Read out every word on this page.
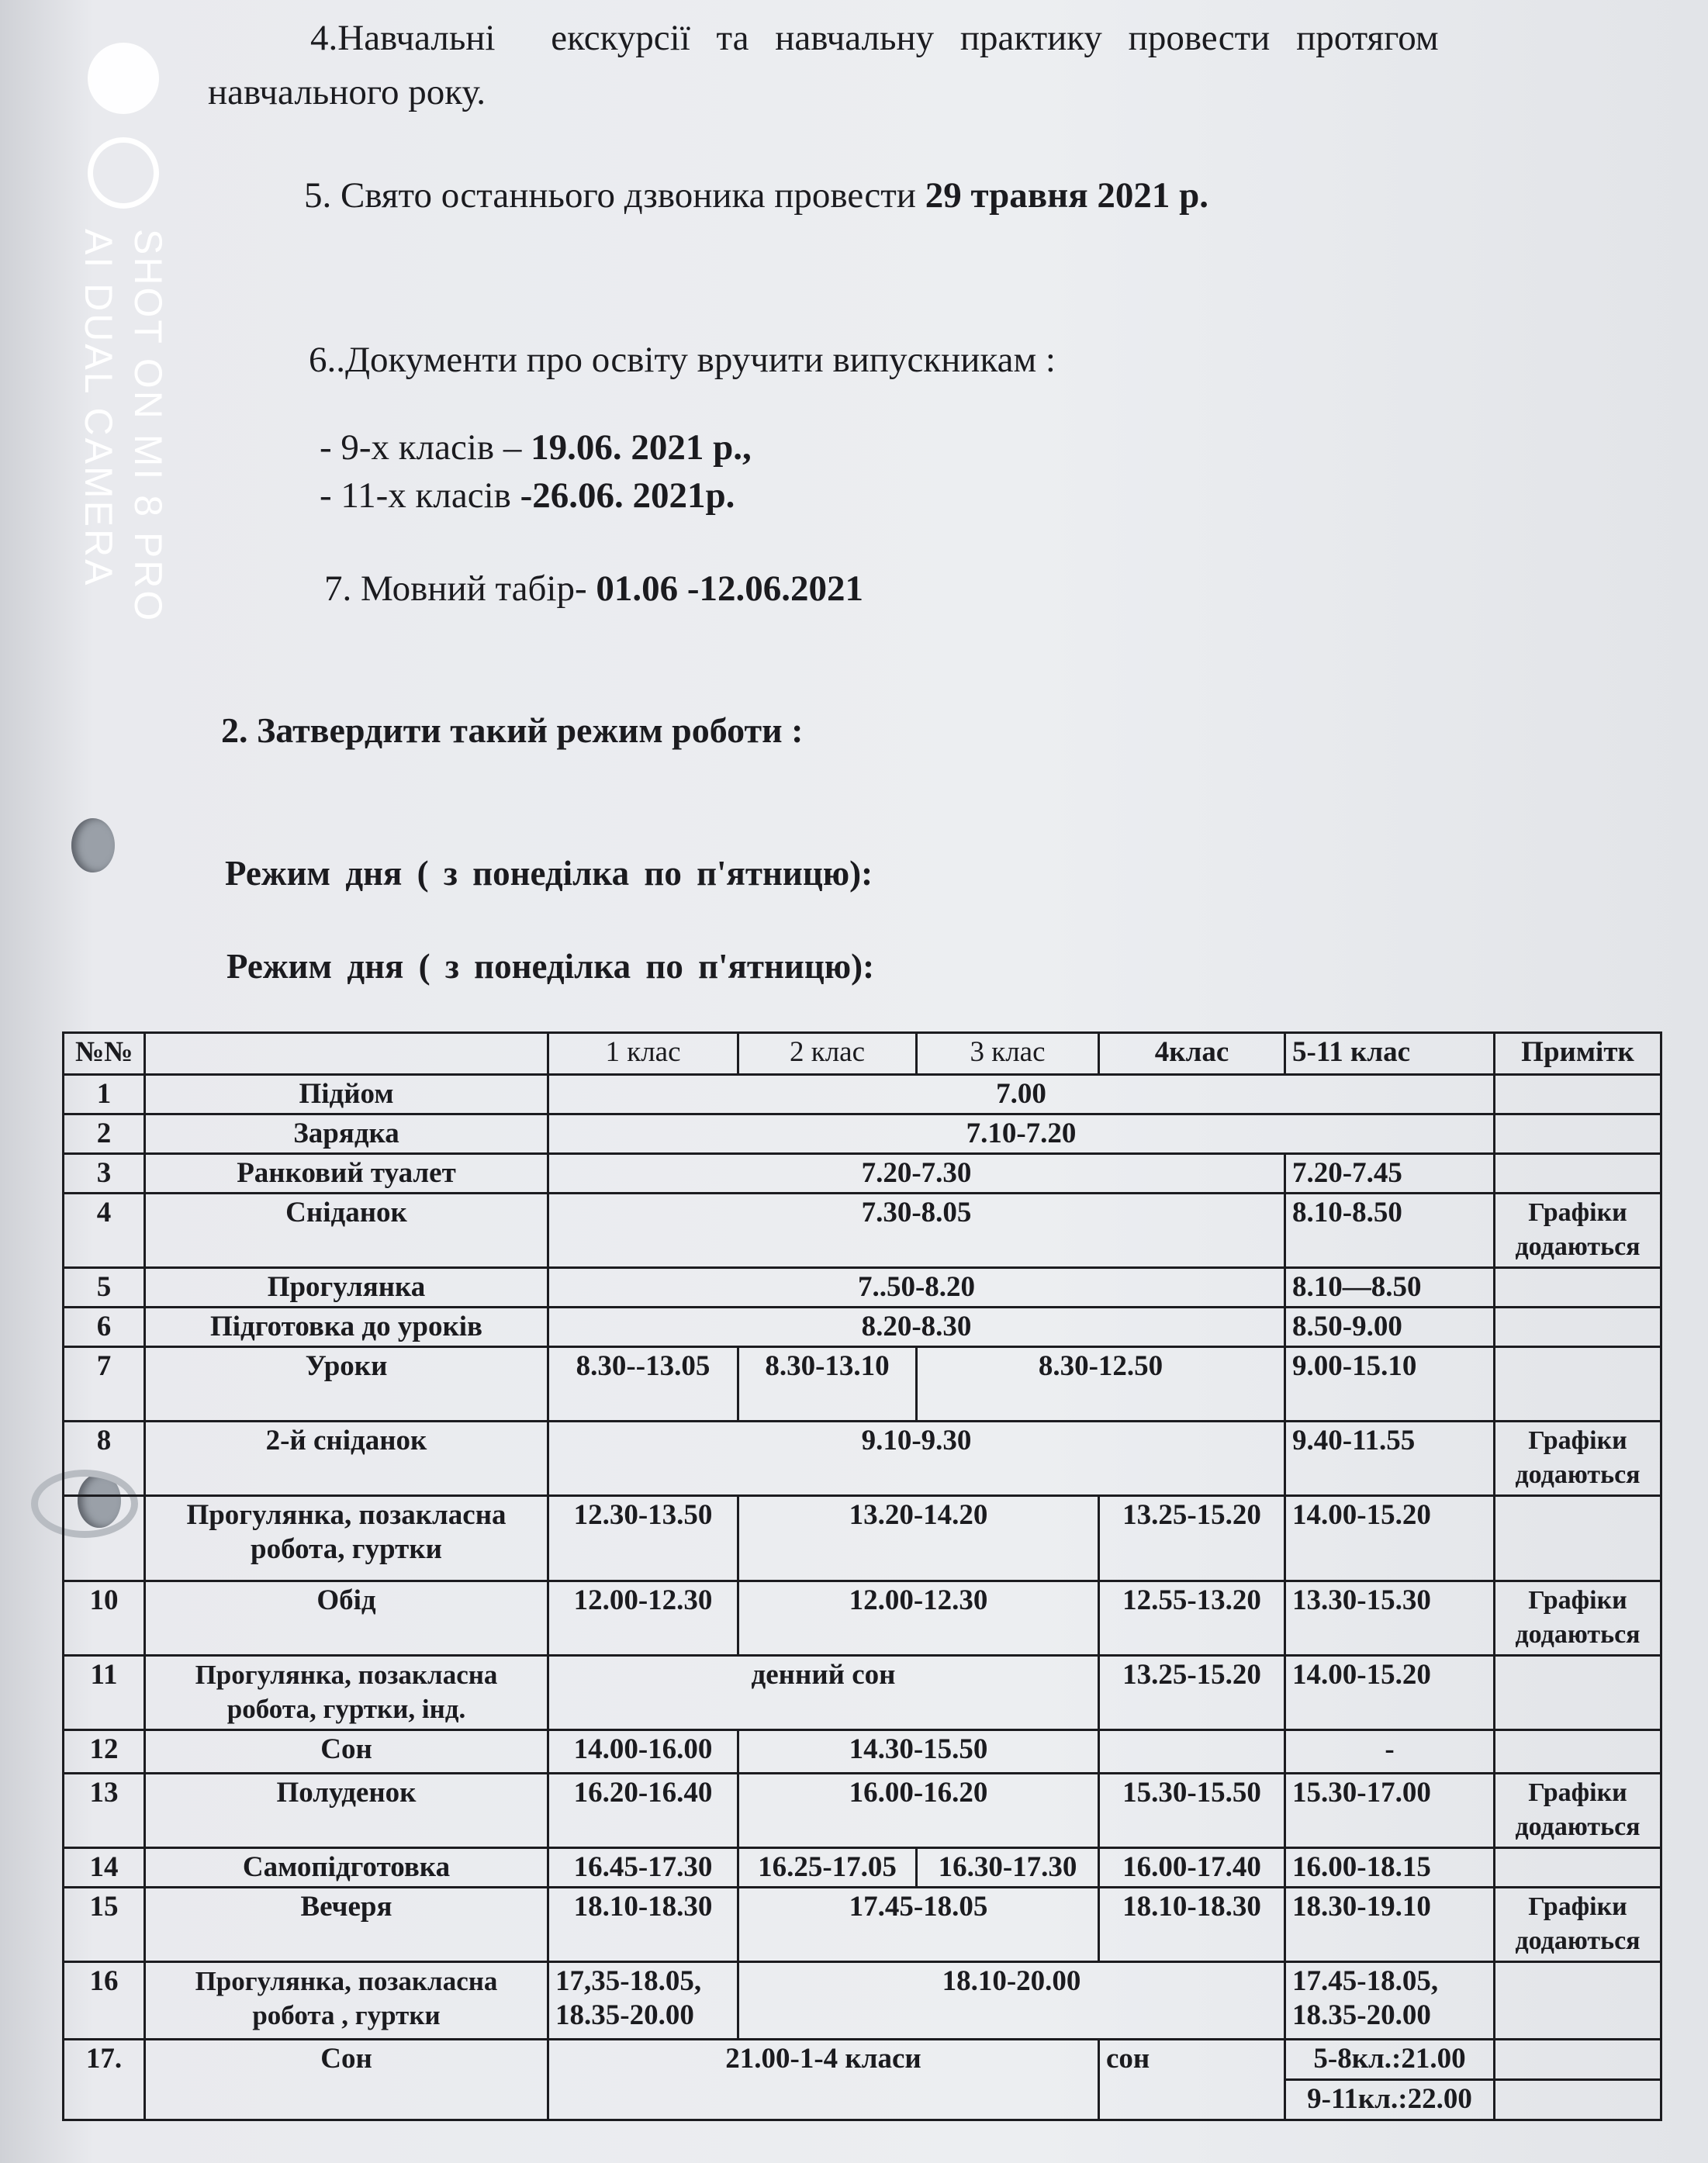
SHOT ON MI 8 PRO
AI DUAL CAMERA
4.Навчальні екскурсії та навчальну практику провести протягом
навчального року.
5. Свято останнього дзвоника провести 29 травня 2021 р.
6..Документи про освіту вручити випускникам :
- 9-х класів – 19.06. 2021 р.,
- 11-х класів -26.06. 2021р.
7. Мовний табір- 01.06 -12.06.2021
2. Затвердити такий режим роботи :
Режим дня ( з понеділка по п'ятницю):
Режим дня ( з понеділка по п'ятницю):
№№		1 клас	2 клас	3 клас	4клас	5-11 клас	Примітк
1	Підйом	7.00					
2	Зарядка	7.10-7.20					
3	Ранковий туалет	7.20-7.30				7.20-7.45	
4	Сніданок	7.30-8.05				8.10-8.50	Графіки додаються
5	Прогулянка	7..50-8.20				8.10—8.50	
6	Підготовка до уроків	8.20-8.30				8.50-9.00	
7	Уроки	8.30--13.05	8.30-13.10	8.30-12.50		9.00-15.10	
8	2-й сніданок	9.10-9.30				9.40-11.55	Графіки додаються
	Прогулянка, позакласна робота, гуртки	12.30-13.50	13.20-14.20		13.25-15.20	14.00-15.20	
10	Обід	12.00-12.30	12.00-12.30		12.55-13.20	13.30-15.30	Графіки додаються
11	Прогулянка, позакласна робота, гуртки, інд.	денний сон			13.25-15.20	14.00-15.20	
12	Сон	14.00-16.00	14.30-15.50			-	
13	Полуденок	16.20-16.40	16.00-16.20		15.30-15.50	15.30-17.00	Графіки додаються
14	Самопідготовка	16.45-17.30	16.25-17.05	16.30-17.30	16.00-17.40	16.00-18.15	
15	Вечеря	18.10-18.30	17.45-18.05		18.10-18.30	18.30-19.10	Графіки додаються
16	Прогулянка, позакласна робота , гуртки	17,35-18.05, 18.35-20.00	18.10-20.00			17.45-18.05, 18.35-20.00	
17.	Сон	21.00-1-4 класи			сон	5-8кл.:21.00	
						9-11кл.:22.00	
